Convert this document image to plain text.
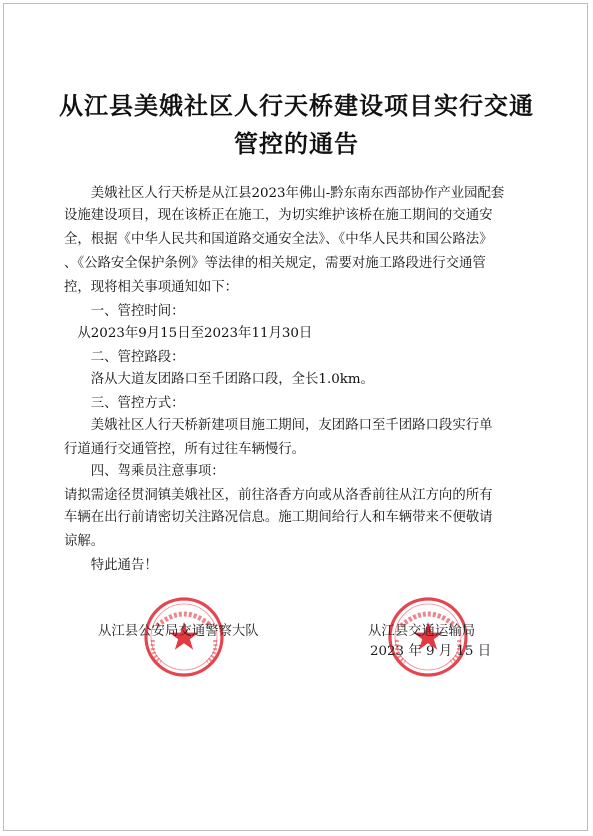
从江县美娥社区人行天桥建设项目实行交通
管控的通告
　　美娥社区人行天桥是从江县2023年佛山-黔东南东西部协作产业园配套
设施建设项目，现在该桥正在施工，为切实维护该桥在施工期间的交通安
全，根据《中华人民共和国道路交通安全法》、《中华人民共和国公路法》
、《公路安全保护条例》等法律的相关规定，需要对施工路段进行交通管
控，现将相关事项通知如下：
　　一、管控时间：
　从2023年9月15日至2023年11月30日
　　二、管控路段：
　　洛从大道友团路口至千团路口段，全长1.0km。
　　三、管控方式：
　　美娥社区人行天桥新建项目施工期间，友团路口至千团路口段实行单
行道通行交通管控，所有过往车辆慢行。
　　四、驾乘员注意事项：
请拟需途径贯洞镇美娥社区，前往洛香方向或从洛香前往从江方向的所有
车辆在出行前请密切关注路况信息。施工期间给行人和车辆带来不便敬请
谅解。
　　特此通告！
从江县公安局交通警察大队	从江县交通运输局
2023 年 9 月 15 日
